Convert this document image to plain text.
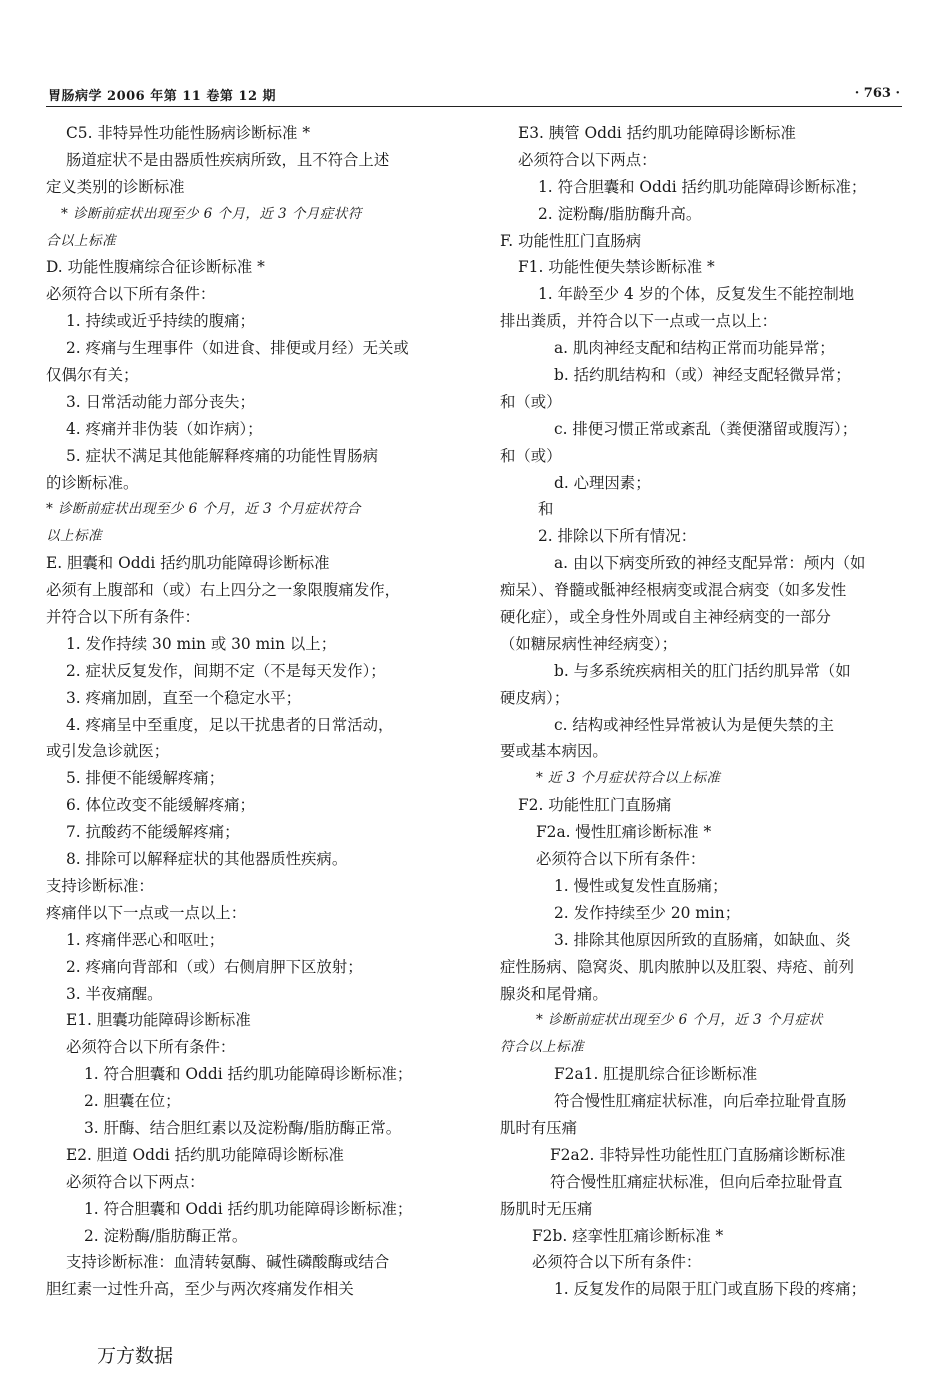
胃肠病学 2006 年第 11 卷第 12 期	· 763 ·
C5. 非特异性功能性肠病诊断标准 *
肠道症状不是由器质性疾病所致，且不符合上述
定义类别的诊断标准
* 诊断前症状出现至少 6 个月，近 3 个月症状符
合以上标准
D. 功能性腹痛综合征诊断标准 *
必须符合以下所有条件：
1. 持续或近乎持续的腹痛；
2. 疼痛与生理事件（如进食、排便或月经）无关或
仅偶尔有关；
3. 日常活动能力部分丧失；
4. 疼痛并非伪装（如诈病）；
5. 症状不满足其他能解释疼痛的功能性胃肠病
的诊断标准。
* 诊断前症状出现至少 6 个月，近 3 个月症状符合
以上标准
E. 胆囊和 Oddi 括约肌功能障碍诊断标准
必须有上腹部和（或）右上四分之一象限腹痛发作，
并符合以下所有条件：
1. 发作持续 30 min 或 30 min 以上；
2. 症状反复发作，间期不定（不是每天发作）；
3. 疼痛加剧，直至一个稳定水平；
4. 疼痛呈中至重度，足以干扰患者的日常活动，
或引发急诊就医；
5. 排便不能缓解疼痛；
6. 体位改变不能缓解疼痛；
7. 抗酸药不能缓解疼痛；
8. 排除可以解释症状的其他器质性疾病。
支持诊断标准：
疼痛伴以下一点或一点以上：
1. 疼痛伴恶心和呕吐；
2. 疼痛向背部和（或）右侧肩胛下区放射；
3. 半夜痛醒。
E1. 胆囊功能障碍诊断标准
必须符合以下所有条件：
1. 符合胆囊和 Oddi 括约肌功能障碍诊断标准；
2. 胆囊在位；
3. 肝酶、结合胆红素以及淀粉酶/脂肪酶正常。
E2. 胆道 Oddi 括约肌功能障碍诊断标准
必须符合以下两点：
1. 符合胆囊和 Oddi 括约肌功能障碍诊断标准；
2. 淀粉酶/脂肪酶正常。
支持诊断标准：血清转氨酶、碱性磷酸酶或结合
胆红素一过性升高，至少与两次疼痛发作相关
E3. 胰管 Oddi 括约肌功能障碍诊断标准
必须符合以下两点：
1. 符合胆囊和 Oddi 括约肌功能障碍诊断标准；
2. 淀粉酶/脂肪酶升高。
F. 功能性肛门直肠病
F1. 功能性便失禁诊断标准 *
1. 年龄至少 4 岁的个体，反复发生不能控制地
排出粪质，并符合以下一点或一点以上：
a. 肌肉神经支配和结构正常而功能异常；
b. 括约肌结构和（或）神经支配轻微异常；
和（或）
c. 排便习惯正常或紊乱（粪便潴留或腹泻）；
和（或）
d. 心理因素；
和
2. 排除以下所有情况：
a. 由以下病变所致的神经支配异常：颅内（如
痴呆）、脊髓或骶神经根病变或混合病变（如多发性
硬化症），或全身性外周或自主神经病变的一部分
（如糖尿病性神经病变）；
b. 与多系统疾病相关的肛门括约肌异常（如
硬皮病）；
c. 结构或神经性异常被认为是便失禁的主
要或基本病因。
* 近 3 个月症状符合以上标准
F2. 功能性肛门直肠痛
F2a. 慢性肛痛诊断标准 *
必须符合以下所有条件：
1. 慢性或复发性直肠痛；
2. 发作持续至少 20 min；
3. 排除其他原因所致的直肠痛，如缺血、炎
症性肠病、隐窝炎、肌肉脓肿以及肛裂、痔疮、前列
腺炎和尾骨痛。
* 诊断前症状出现至少 6 个月，近 3 个月症状
符合以上标准
F2a1. 肛提肌综合征诊断标准
符合慢性肛痛症状标准，向后牵拉耻骨直肠
肌时有压痛
F2a2. 非特异性功能性肛门直肠痛诊断标准
符合慢性肛痛症状标准，但向后牵拉耻骨直
肠肌时无压痛
F2b. 痉挛性肛痛诊断标准 *
必须符合以下所有条件：
1. 反复发作的局限于肛门或直肠下段的疼痛；
万方数据
